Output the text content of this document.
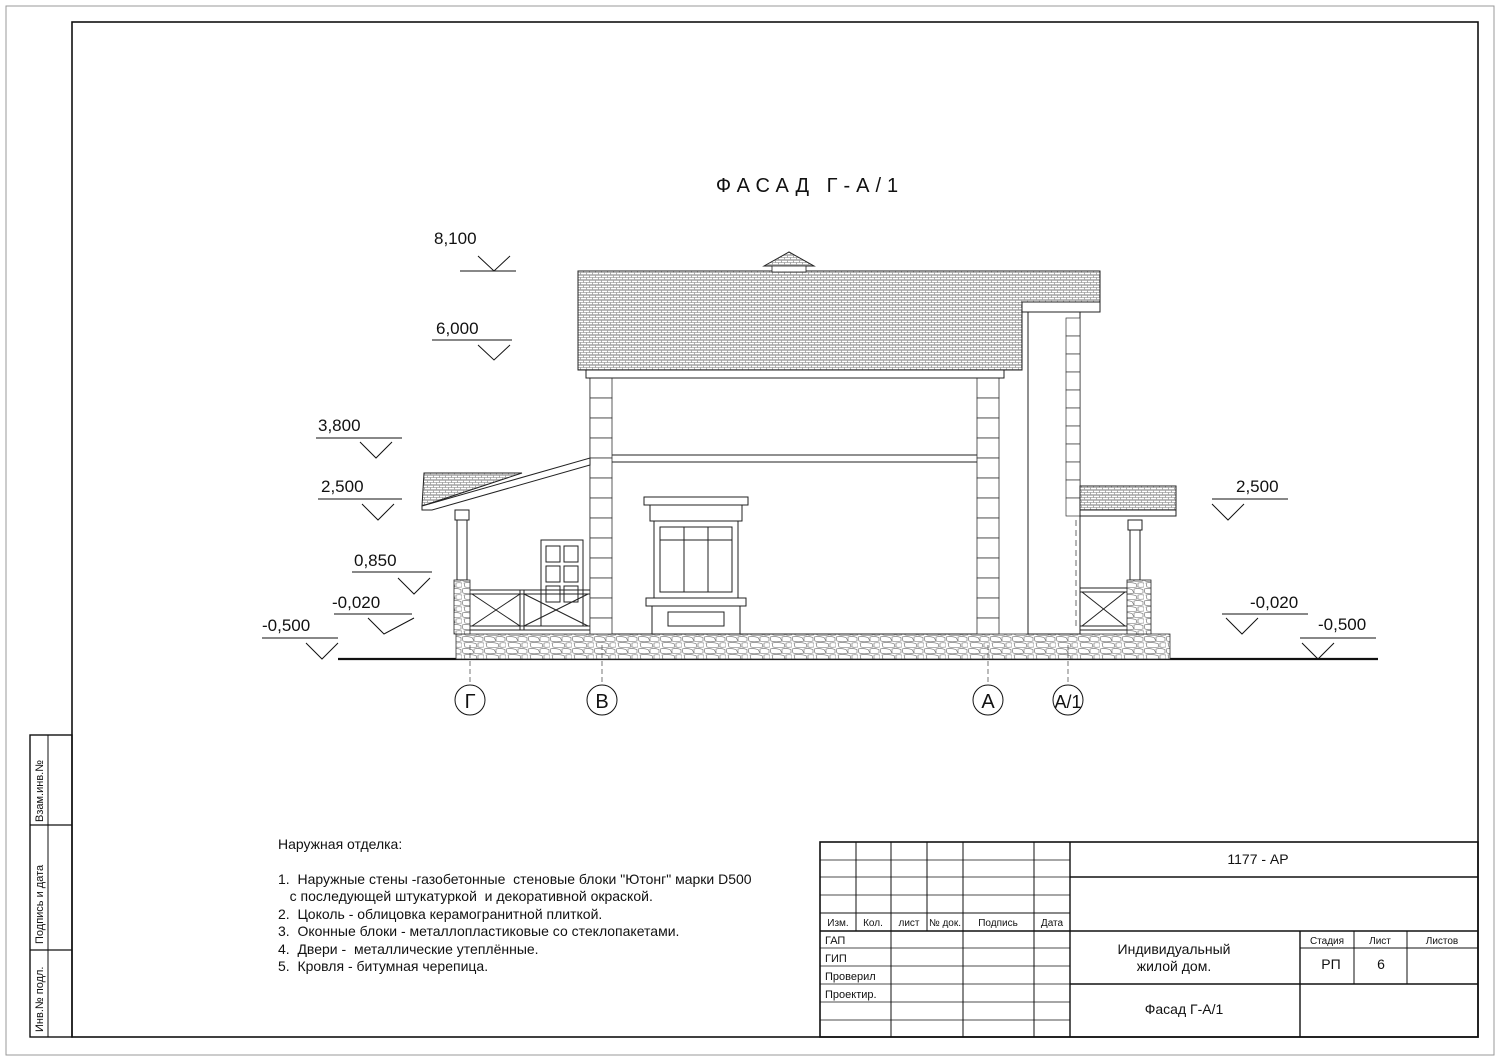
Взам.инв.№
Подпись и дата
Инв.№ подл.
ФАСАД Г-А/1
Г	В	А	А/1
8,100
6,000
3,800
2,500
0,850
-0,020
-0,500
2,500
-0,020
-0,500
1177 - АР
Изм. Кол. лист № док. Подпись Дата
ГАП
ГИП
Проверил
Проектир.
Индивидуальный
жилой дом.
Фасад Г-А/1
Стадия	Лист	Листов
РП	6
Наружная отделка:
1.  Наружные стены -газобетонные  стеновые блоки "Ютонг" марки D500
с последующей штукатуркой  и декоративной окраской.
2.  Цоколь - облицовка керамогранитной плиткой.
3.  Оконные блоки - металлопластиковые со стеклопакетами.
4.  Двери -  металлические утеплённые.
5.  Кровля - битумная черепица.
